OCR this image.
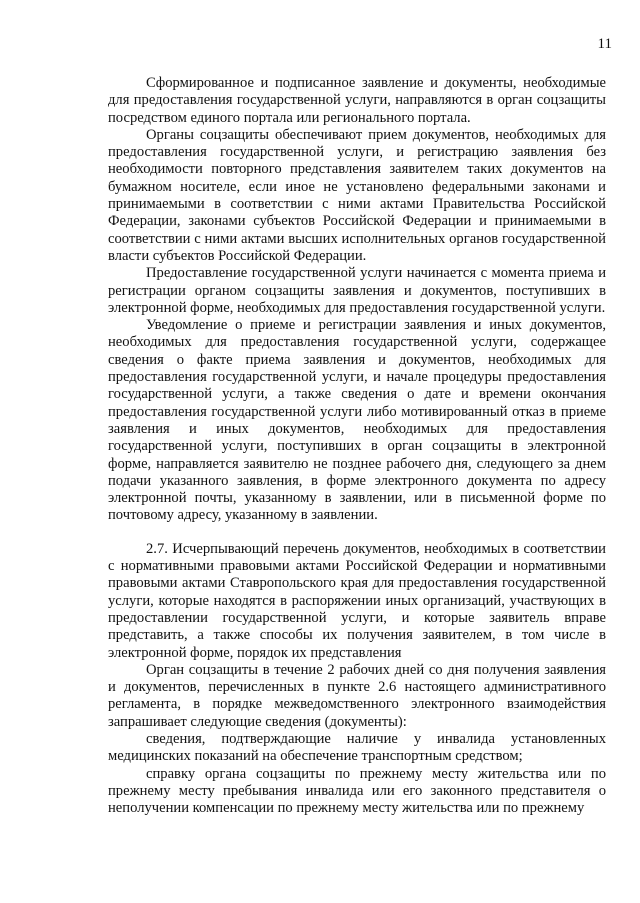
11

Сформированное и подписанное заявление и документы, необходимые для предоставления государственной услуги, направляются в орган соцзащиты посредством единого портала или регионального портала.

Органы соцзащиты обеспечивают прием документов, необходимых для предоставления государственной услуги, и регистрацию заявления без необходимости повторного представления заявителем таких документов на бумажном носителе, если иное не установлено федеральными законами и принимаемыми в соответствии с ними актами Правительства Российской Федерации, законами субъектов Российской Федерации и принимаемыми в соответствии с ними актами высших исполнительных органов государственной власти субъектов Российской Федерации.

Предоставление государственной услуги начинается с момента приема и регистрации органом соцзащиты заявления и документов, поступивших в электронной форме, необходимых для предоставления государственной услуги.

Уведомление о приеме и регистрации заявления и иных документов, необходимых для предоставления государственной услуги, содержащее сведения о факте приема заявления и документов, необходимых для предоставления государственной услуги, и начале процедуры предоставления государственной услуги, а также сведения о дате и времени окончания предоставления государственной услуги либо мотивированный отказ в приеме заявления и иных документов, необходимых для предоставления государственной услуги, поступивших в орган соцзащиты в электронной форме, направляется заявителю не позднее рабочего дня, следующего за днем подачи указанного заявления, в форме электронного документа по адресу электронной почты, указанному в заявлении, или в письменной форме по почтовому адресу, указанному в заявлении.

2.7. Исчерпывающий перечень документов, необходимых в соответствии с нормативными правовыми актами Российской Федерации и нормативными правовыми актами Ставропольского края для предоставления государственной услуги, которые находятся в распоряжении иных организаций, участвующих в предоставлении государственной услуги, и которые заявитель вправе представить, а также способы их получения заявителем, в том числе в электронной форме, порядок их представления

Орган соцзащиты в течение 2 рабочих дней со дня получения заявления и документов, перечисленных в пункте 2.6 настоящего административного регламента, в порядке межведомственного электронного взаимодействия запрашивает следующие сведения (документы):

сведения, подтверждающие наличие у инвалида установленных медицинских показаний на обеспечение транспортным средством;

справку органа соцзащиты по прежнему месту жительства или по прежнему месту пребывания инвалида или его законного представителя о неполучении компенсации по прежнему месту жительства или по прежнему
